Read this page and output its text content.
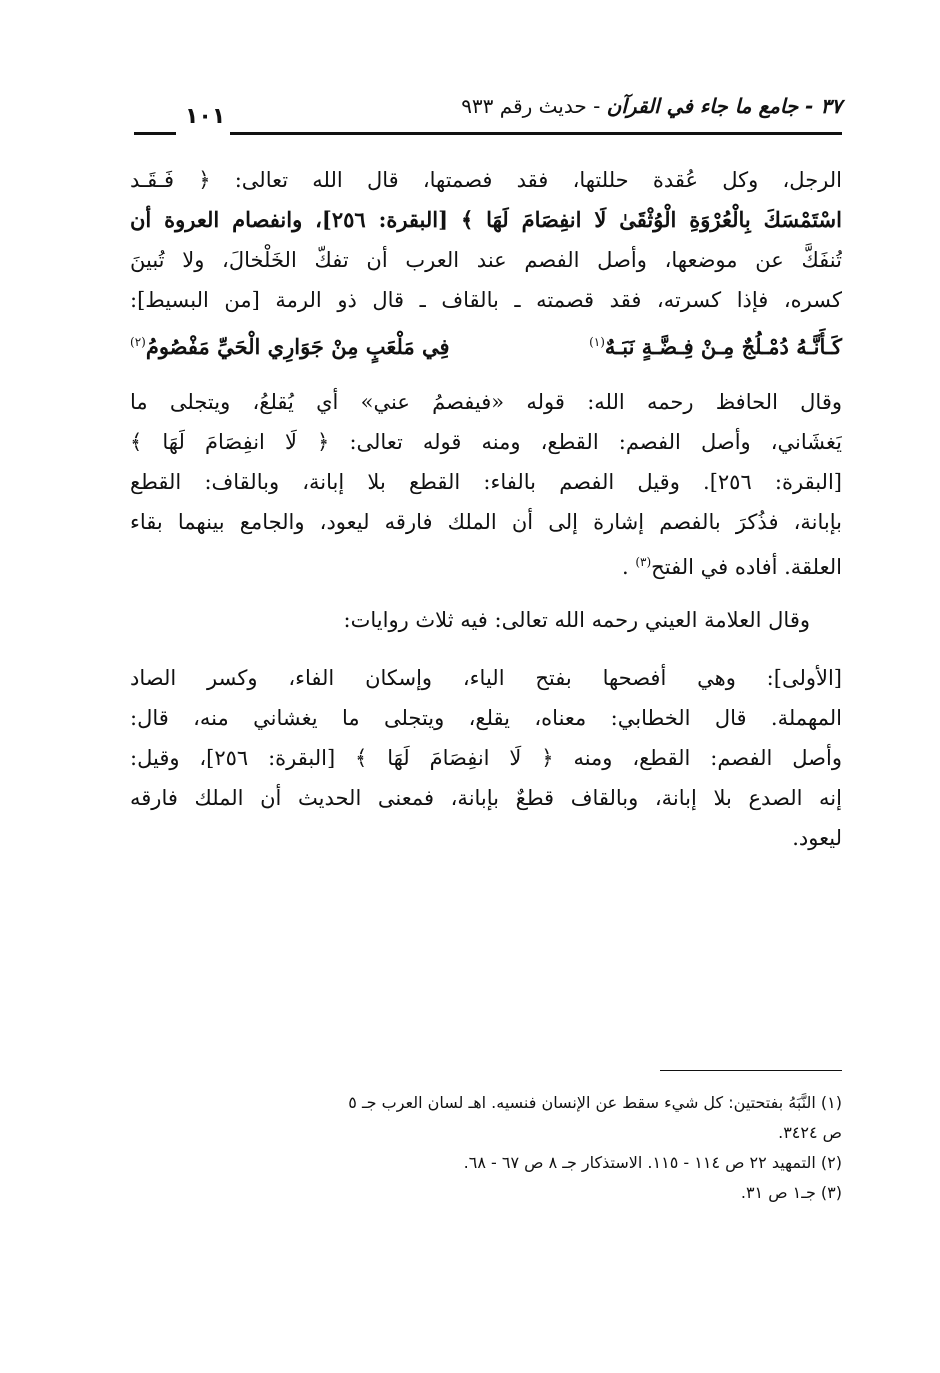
٣٧ - جامع ما جاء في القرآن - حديث رقم ٩٣٣
١٠١
الرجل، وكل عُقدة حللتها، فقد فصمتها، قال الله تعالى: ﴿ فَـقَـد
اسْتَمْسَكَ بِالْعُرْوَةِ الْوُثْقَىٰ لَا انفِصَامَ لَهَا ﴾ [البقرة: ٢٥٦]، وانفصام العروة أن
تُنفَكَّ عن موضعها، وأصل الفصم عند العرب أن تفكّ الخَلْخالَ، ولا تُبينَ
كسره، فإذا كسرته، فقد قصمته ـ بالقاف ـ قال ذو الرمة [من البسيط]:
كَـأَنَّـهُ دُمْـلُجٌ مِـنْ فِـضَّـةٍ نَبَـهٌ$^{(١)}$
فِي مَلْعَبٍ مِنْ جَوَارِي الْحَيِّ مَفْصُومُ$^{(٢)}$
وقال الحافظ رحمه الله: قوله «فيفصمُ عني» أي يُقلعُ، ويتجلى ما
يَغشَاني، وأصل الفصم: القطع، ومنه قوله تعالى: ﴿ لَا انفِصَامَ لَهَا ﴾
[البقرة: ٢٥٦]. وقيل الفصم بالفاء: القطع بلا إبانة، وبالقاف: القطع
بإبانة، فذُكرَ بالفصم إشارة إلى أن الملك فارقه ليعود، والجامع بينهما بقاء
العلقة. أفاده في الفتح$^{(٣)}$ .
وقال العلامة العيني رحمه الله تعالى: فيه ثلاث روايات:
[الأولى]: وهي أفصحها بفتح الياء، وإسكان الفاء، وكسر الصاد
المهملة. قال الخطابي: معناه، يقلع، ويتجلى ما يغشاني منه، قال:
وأصل الفصم: القطع، ومنه ﴿ لَا انفِصَامَ لَهَا ﴾ [البقرة: ٢٥٦]، وقيل:
إنه الصدع بلا إبانة، وبالقاف قطعٌ بإبانة، فمعنى الحديث أن الملك فارقه
ليعود.
(١) النَّبَهُ بفتحتين: كل شيء سقط عن الإنسان فنسيه. اهـ لسان العرب جـ ٥
ص ٣٤٢٤.
(٢) التمهيد ٢٢ ص ١١٤ - ١١٥. الاستذكار جـ ٨ ص ٦٧ - ٦٨.
(٣) جـ١ ص ٣١.
